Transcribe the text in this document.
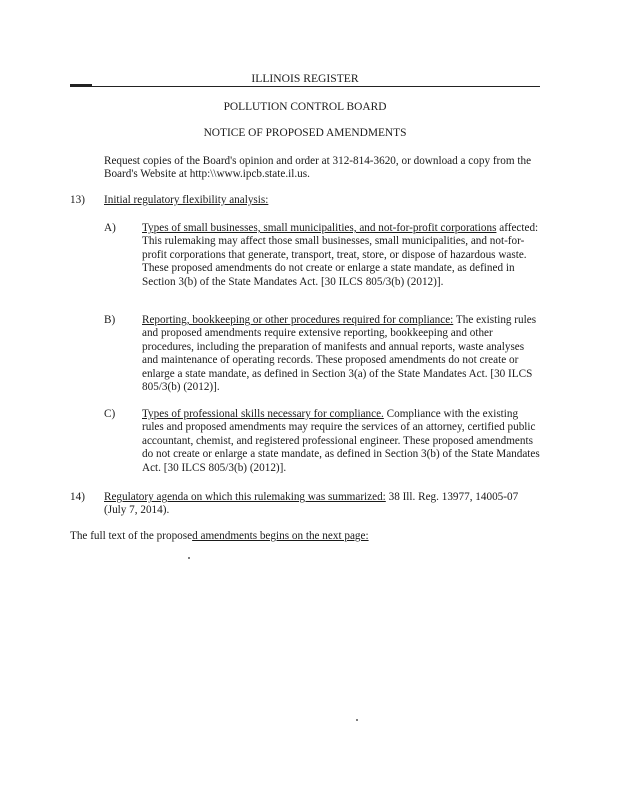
ILLINOIS REGISTER
POLLUTION CONTROL BOARD
NOTICE OF PROPOSED AMENDMENTS

Request copies of the Board's opinion and order at 312-814-3620, or download a copy from the Board's Website at http:\\www.ipcb.state.il.us.

13) Initial regulatory flexibility analysis:
A) Types of small businesses, small municipalities, and not-for-profit corporations affected: This rulemaking may affect those small businesses, small municipalities, and not-for-profit corporations that generate, transport, treat, store, or dispose of hazardous waste. These proposed amendments do not create or enlarge a state mandate, as defined in Section 3(b) of the State Mandates Act. [30 ILCS 805/3(b) (2012)].

B) Reporting, bookkeeping or other procedures required for compliance: The existing rules and proposed amendments require extensive reporting, bookkeeping and other procedures, including the preparation of manifests and annual reports, waste analyses and maintenance of operating records. These proposed amendments do not create or enlarge a state mandate, as defined in Section 3(a) of the State Mandates Act. [30 ILCS 805/3(b) (2012)].

C) Types of professional skills necessary for compliance. Compliance with the existing rules and proposed amendments may require the services of an attorney, certified public accountant, chemist, and registered professional engineer. These proposed amendments do not create or enlarge a state mandate, as defined in Section 3(b) of the State Mandates Act. [30 ILCS 805/3(b) (2012)].

14) Regulatory agenda on which this rulemaking was summarized: 38 Ill. Reg. 13977, 14005-07 (July 7, 2014).

The full text of the proposed amendments begins on the next page:
